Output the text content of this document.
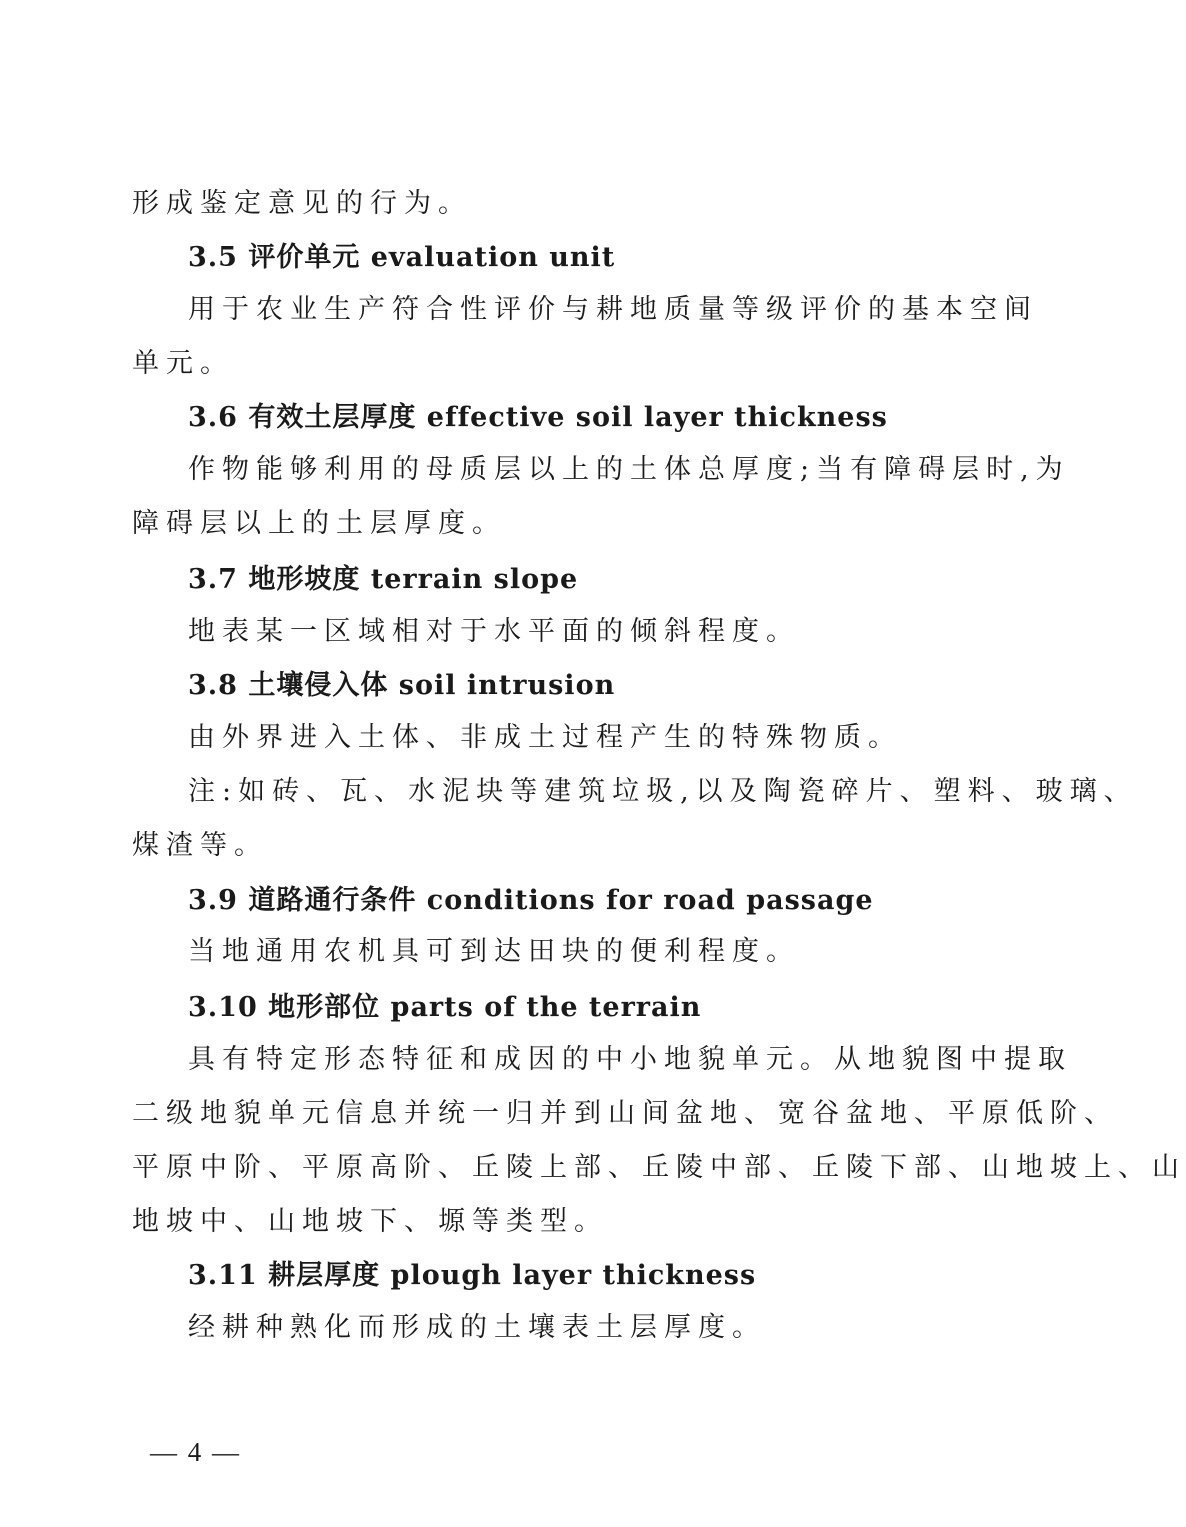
形成鉴定意见的行为。
3.5 评价单元 evaluation unit
用于农业生产符合性评价与耕地质量等级评价的基本空间
单元。
3.6 有效土层厚度 effective soil layer thickness
作物能够利用的母质层以上的土体总厚度;当有障碍层时,为
障碍层以上的土层厚度。
3.7 地形坡度 terrain slope
地表某一区域相对于水平面的倾斜程度。
3.8 土壤侵入体 soil intrusion
由外界进入土体、非成土过程产生的特殊物质。
注:如砖、瓦、水泥块等建筑垃圾,以及陶瓷碎片、塑料、玻璃、
煤渣等。
3.9 道路通行条件 conditions for road passage
当地通用农机具可到达田块的便利程度。
3.10 地形部位 parts of the terrain
具有特定形态特征和成因的中小地貌单元。从地貌图中提取
二级地貌单元信息并统一归并到山间盆地、宽谷盆地、平原低阶、
平原中阶、平原高阶、丘陵上部、丘陵中部、丘陵下部、山地坡上、山
地坡中、山地坡下、塬等类型。
3.11 耕层厚度 plough layer thickness
经耕种熟化而形成的土壤表土层厚度。
— 4 —
